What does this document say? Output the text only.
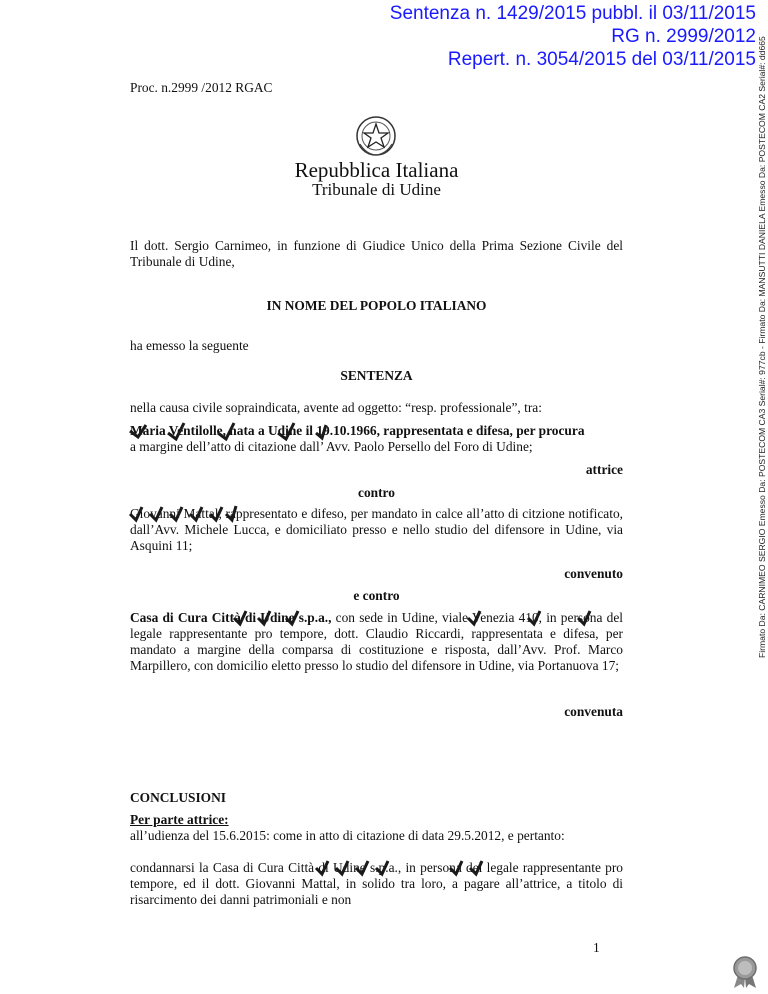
Sentenza n. 1429/2015 pubbl. il 03/11/2015
RG n. 2999/2012
Repert. n. 3054/2015 del 03/11/2015 Firmato Da: CARNIMEO SERGIO Emesso Da: POSTECOM CA3 Serial#: 977cb - Firmato Da: MANSUTTI DANIELA Emesso Da: POSTECOM CA2 Serial#: dd665
Proc. n.2999 /2012 RGAC
Repubblica Italiana
Tribunale di Udine
Il dott. Sergio Carnimeo, in funzione di Giudice Unico della Prima Sezione Civile del Tribunale di Udine,
IN NOME DEL POPOLO ITALIANO
ha emesso la seguente
SENTENZA
nella causa civile sopraindicata, avente ad oggetto: “resp. professionale”, tra:
Maria Ventilolle, nata a Udine il 19.10.1966, rappresentata e difesa, per procura
a margine dell’atto di citazione dall’ Avv. Paolo Persello del Foro di Udine;
attrice
contro
Giovanni Mattal, rappresentato e difeso, per mandato in calce all’atto di citzione notificato, dall’Avv. Michele Lucca, e domiciliato presso e nello studio del difensore in Udine, via Asquini 11;
convenuto
e contro
Casa di Cura Città di Udine s.p.a., con sede in Udine, viale Venezia 410, in persona del legale rappresentante pro tempore, dott. Claudio Riccardi, rappresentata e difesa, per mandato a margine della comparsa di costituzione e risposta, dall’Avv. Prof. Marco Marpillero, con domicilio eletto presso lo studio del difensore in Udine, via Portanuova 17;
convenuta
CONCLUSIONI
Per parte attrice:
all’udienza del 15.6.2015: come in atto di citazione di data 29.5.2012, e pertanto:
condannarsi la Casa di Cura Città di Udine s.p.a., in persona del legale rappresentante pro tempore, ed il dott. Giovanni Mattal, in solido tra loro, a pagare all’attrice, a titolo di risarcimento dei danni patrimoniali e non
1
